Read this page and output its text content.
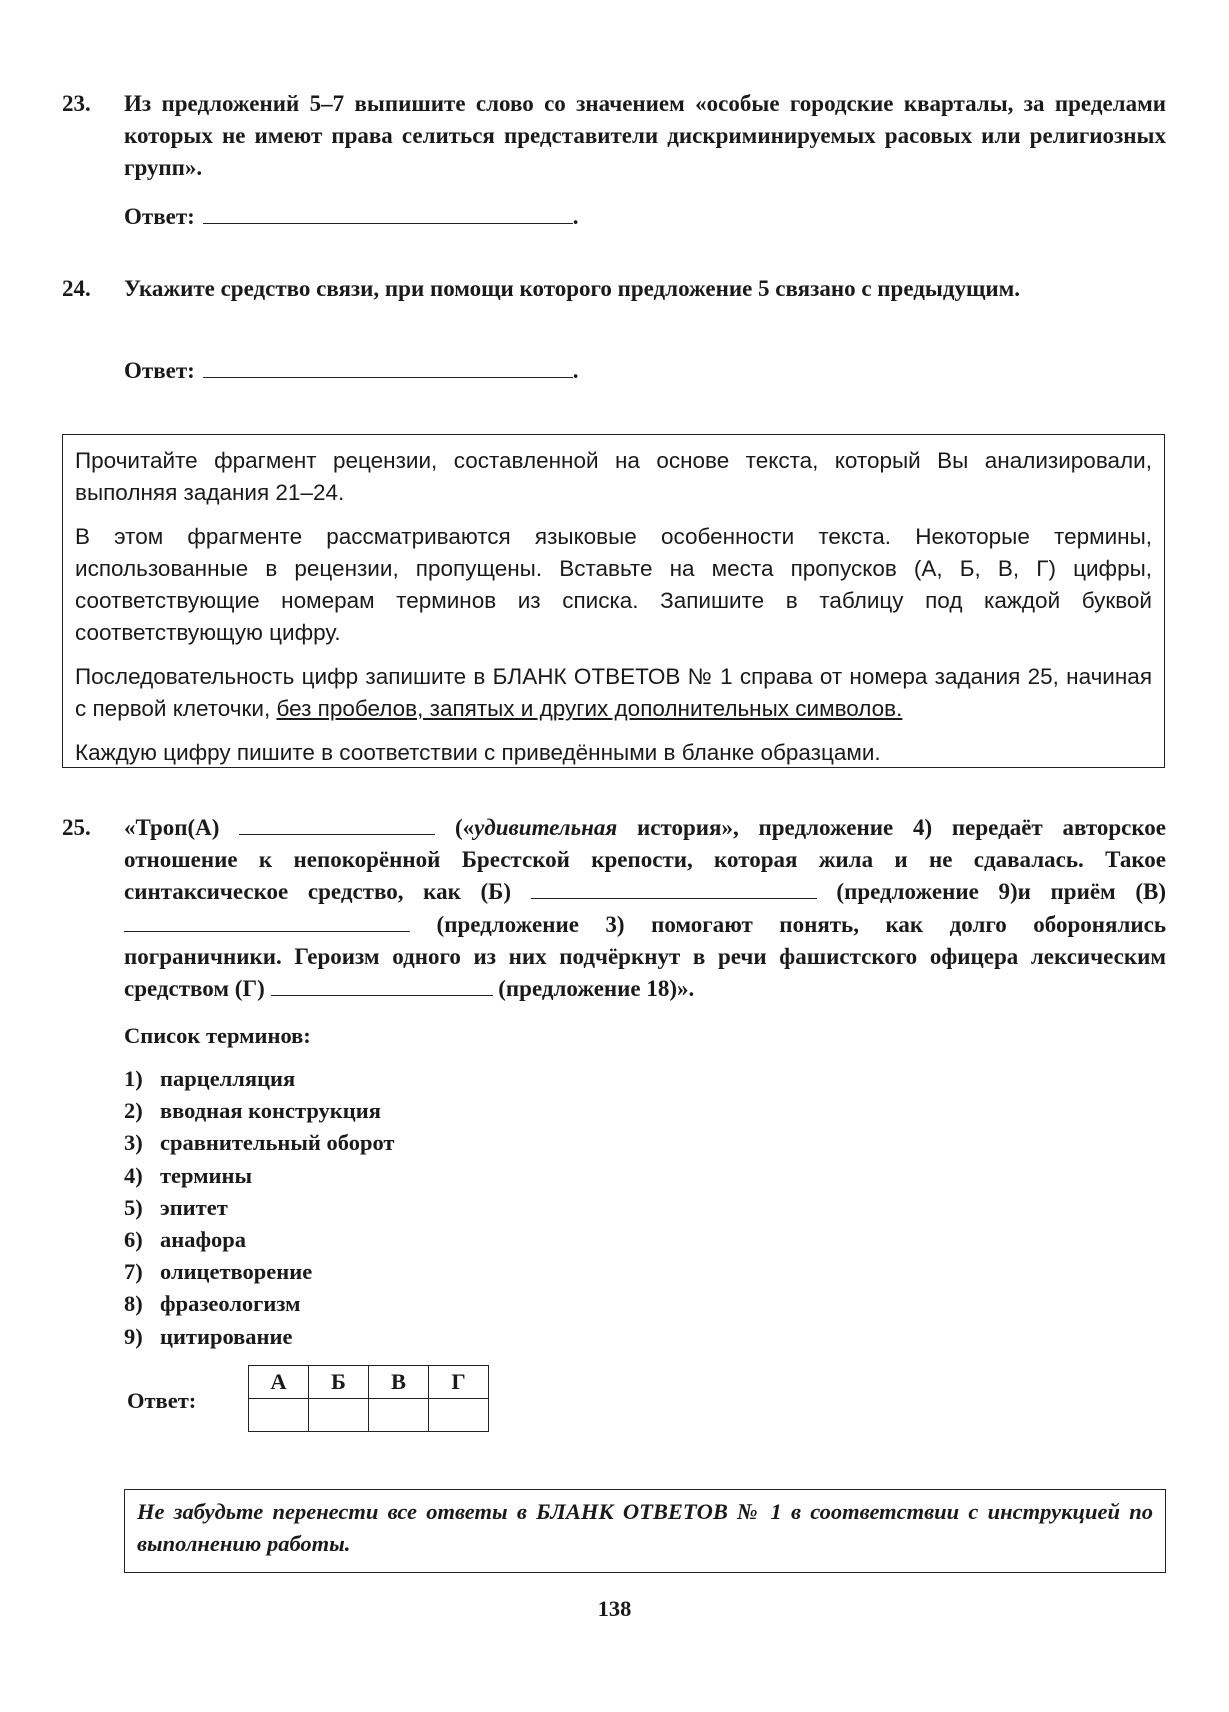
23. Из предложений 5–7 выпишите слово со значением «особые городские кварталы, за пределами которых не имеют права селиться представители дискриминируемых расовых или религиозных групп».
Ответ:	.
24. Укажите средство связи, при помощи которого предложение 5 связано с предыдущим.
Ответ:	.

Прочитайте фрагмент рецензии, составленной на основе текста, который Вы анализировали, выполняя задания 21–24.

В этом фрагменте рассматриваются языковые особенности текста. Некоторые термины, использованные в рецензии, пропущены. Вставьте на места пропусков (А, Б, В, Г) цифры, соответствующие номерам терминов из списка. Запишите в таблицу под каждой буквой соответствующую цифру.

Последовательность цифр запишите в БЛАНК ОТВЕТОВ № 1 справа от номера задания 25, начиная с первой клеточки, без пробелов, запятых и других дополнительных символов.

Каждую цифру пишите в соответствии с приведёнными в бланке образцами.

25. «Троп(А)	(«удивительная история», предложение 4) передаёт авторское отношение к непокорённой Брестской крепости, которая жила и не сдавалась. Такое синтаксическое средство, как (Б)	(предложение 9)и приём (В)  (предложение 3) помогают понять, как долго оборонялись пограничники. Героизм одного из них подчёркнут в речи фашистского офицера лексическим средством (Г)	(предложение 18)».
Список терминов:
1) парцелляция
2) вводная конструкция
3) сравнительный оборот
4) термины
5) эпитет
6) анафора
7) олицетворение
8) фразеологизм
9) цитирование
Ответ:
А	Б	В	Г

Не забудьте перенести все ответы в БЛАНК ОТВЕТОВ № 1 в соответствии с инструкцией по выполнению работы.
138
